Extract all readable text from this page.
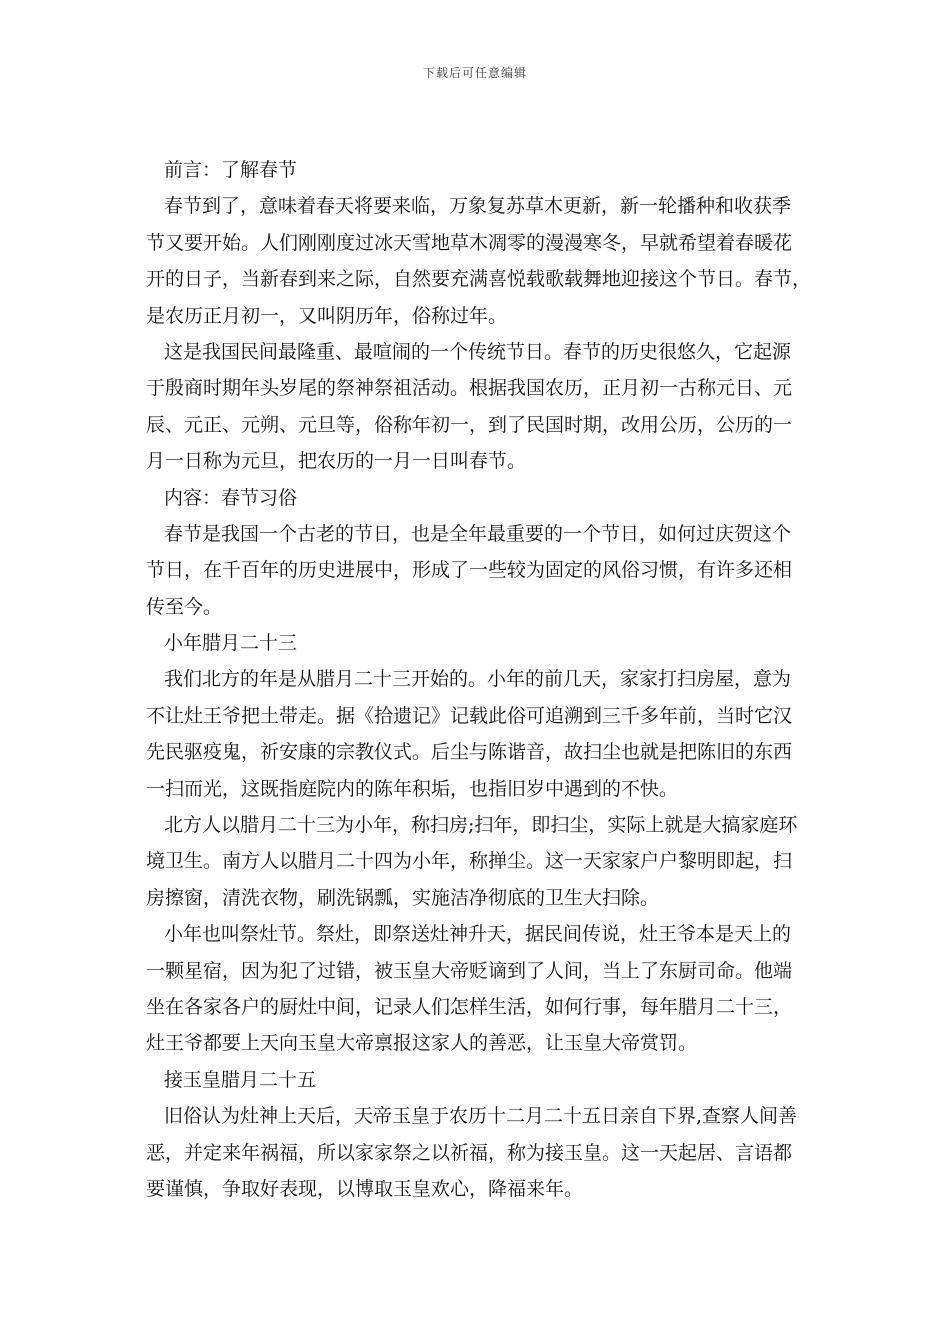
下载后可任意编辑
前言：了解春节
春节到了，意味着春天将要来临，万象复苏草木更新，新一轮播种和收获季
节又要开始。人们刚刚度过冰天雪地草木凋零的漫漫寒冬，早就希望着春暖花
开的日子，当新春到来之际，自然要充满喜悦载歌载舞地迎接这个节日。春节，
是农历正月初一，又叫阴历年，俗称过年。
这是我国民间最隆重、最喧闹的一个传统节日。春节的历史很悠久，它起源
于殷商时期年头岁尾的祭神祭祖活动。根据我国农历，正月初一古称元日、元
辰、元正、元朔、元旦等，俗称年初一，到了民国时期，改用公历，公历的一
月一日称为元旦，把农历的一月一日叫春节。
内容：春节习俗
春节是我国一个古老的节日，也是全年最重要的一个节日，如何过庆贺这个
节日，在千百年的历史进展中，形成了一些较为固定的风俗习惯，有许多还相
传至今。
小年腊月二十三
我们北方的年是从腊月二十三开始的。小年的前几天，家家打扫房屋，意为
不让灶王爷把土带走。据《拾遗记》记载此俗可追溯到三千多年前，当时它汉
先民驱疫鬼，祈安康的宗教仪式。后尘与陈谐音，故扫尘也就是把陈旧的东西
一扫而光，这既指庭院内的陈年积垢，也指旧岁中遇到的不快。
北方人以腊月二十三为小年，称扫房;扫年，即扫尘，实际上就是大搞家庭环
境卫生。南方人以腊月二十四为小年，称掸尘。这一天家家户户黎明即起，扫
房擦窗，清洗衣物，刷洗锅瓢，实施洁净彻底的卫生大扫除。
小年也叫祭灶节。祭灶，即祭送灶神升天，据民间传说，灶王爷本是天上的
一颗星宿，因为犯了过错，被玉皇大帝贬谪到了人间，当上了东厨司命。他端
坐在各家各户的厨灶中间，记录人们怎样生活，如何行事，每年腊月二十三，
灶王爷都要上天向玉皇大帝禀报这家人的善恶，让玉皇大帝赏罚。
接玉皇腊月二十五
旧俗认为灶神上天后，天帝玉皇于农历十二月二十五日亲自下界,查察人间善
恶，并定来年祸福，所以家家祭之以祈福，称为接玉皇。这一天起居、言语都
要谨慎，争取好表现，以博取玉皇欢心，降福来年。
